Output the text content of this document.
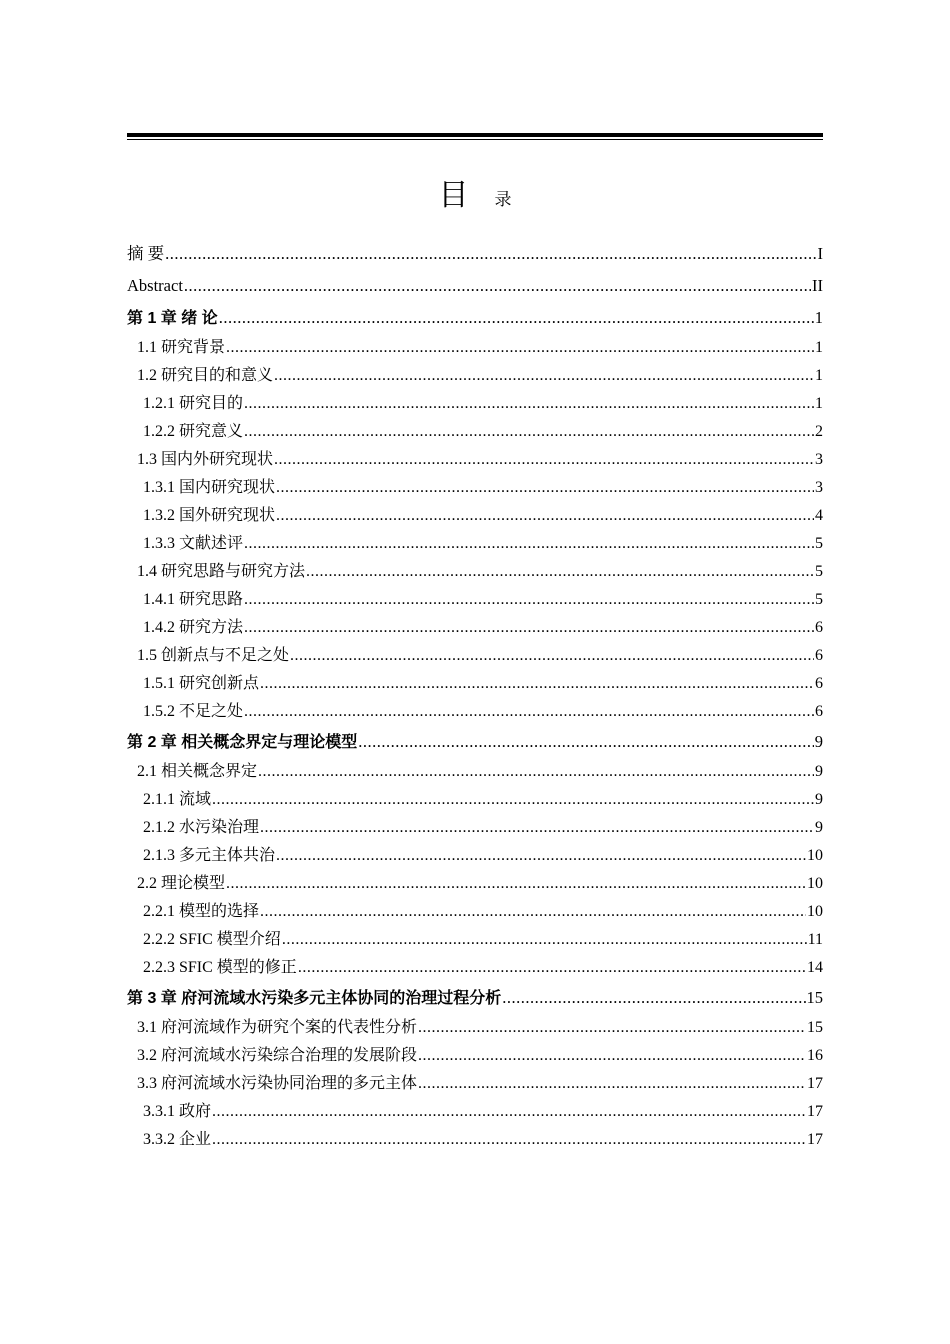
目 录
摘 要 .....	I
Abstract .....	II
第 1 章 绪 论 .....	1
1.1 研究背景 .....	1
1.2 研究目的和意义 .....	1
1.2.1 研究目的 .....	1
1.2.2 研究意义 .....	2
1.3 国内外研究现状 .....	3
1.3.1 国内研究现状 .....	3
1.3.2 国外研究现状 .....	4
1.3.3 文献述评 .....	5
1.4 研究思路与研究方法 .....	5
1.4.1 研究思路 .....	5
1.4.2 研究方法 .....	6
1.5 创新点与不足之处 .....	6
1.5.1 研究创新点 .....	6
1.5.2 不足之处 .....	6
第 2 章 相关概念界定与理论模型 .....	9
2.1 相关概念界定 .....	9
2.1.1 流域 .....	9
2.1.2 水污染治理 .....	9
2.1.3 多元主体共治 .....	10
2.2 理论模型 .....	10
2.2.1 模型的选择 .....	10
2.2.2 SFIC 模型介绍 .....	11
2.2.3 SFIC 模型的修正 .....	14
第 3 章 府河流域水污染多元主体协同的治理过程分析 .....	15
3.1 府河流域作为研究个案的代表性分析 .....	15
3.2 府河流域水污染综合治理的发展阶段 .....	16
3.3 府河流域水污染协同治理的多元主体 .....	17
3.3.1 政府 .....	17
3.3.2 企业 .....	17
